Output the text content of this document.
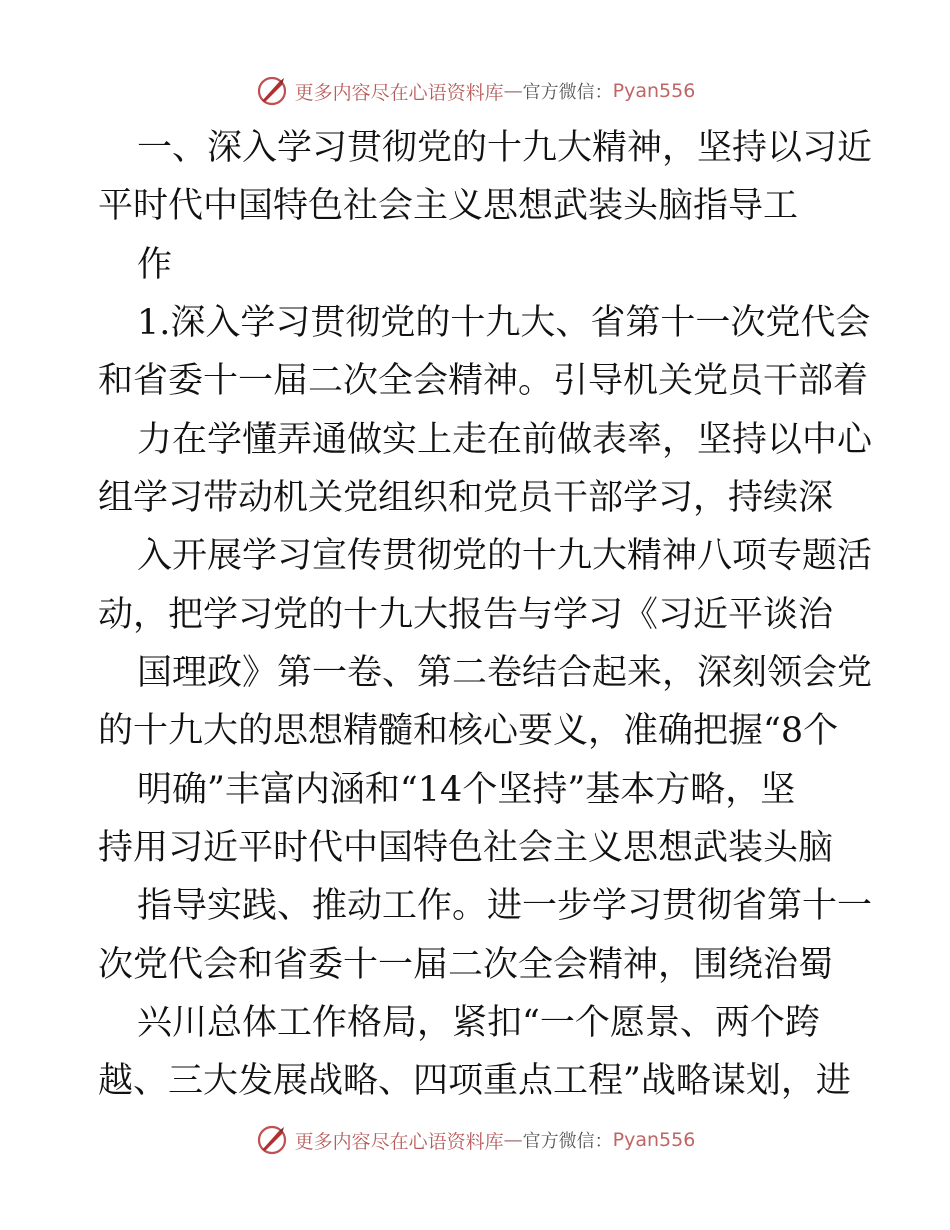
更多内容尽在心语资料库 — 官方微信： Pyan556

一、深入学习贯彻党的十九大精神，坚持以习近

平时代中国特色社会主义思想武装头脑指导工

作

1.深入学习贯彻党的十九大、省第十一次党代会

和省委十一届二次全会精神。引导机关党员干部着

力在学懂弄通做实上走在前做表率，坚持以中心

组学习带动机关党组织和党员干部学习，持续深

入开展学习宣传贯彻党的十九大精神八项专题活

动，把学习党的十九大报告与学习《习近平谈治

国理政》第一卷、第二卷结合起来，深刻领会党

的十九大的思想精髓和核心要义，准确把握“8个

明确”丰富内涵和“14个坚持”基本方略，坚

持用习近平时代中国特色社会主义思想武装头脑

指导实践、推动工作。进一步学习贯彻省第十一

次党代会和省委十一届二次全会精神，围绕治蜀

兴川总体工作格局，紧扣“一个愿景、两个跨

越、三大发展战略、四项重点工程”战略谋划，进

更多内容尽在心语资料库 — 官方微信： Pyan556
